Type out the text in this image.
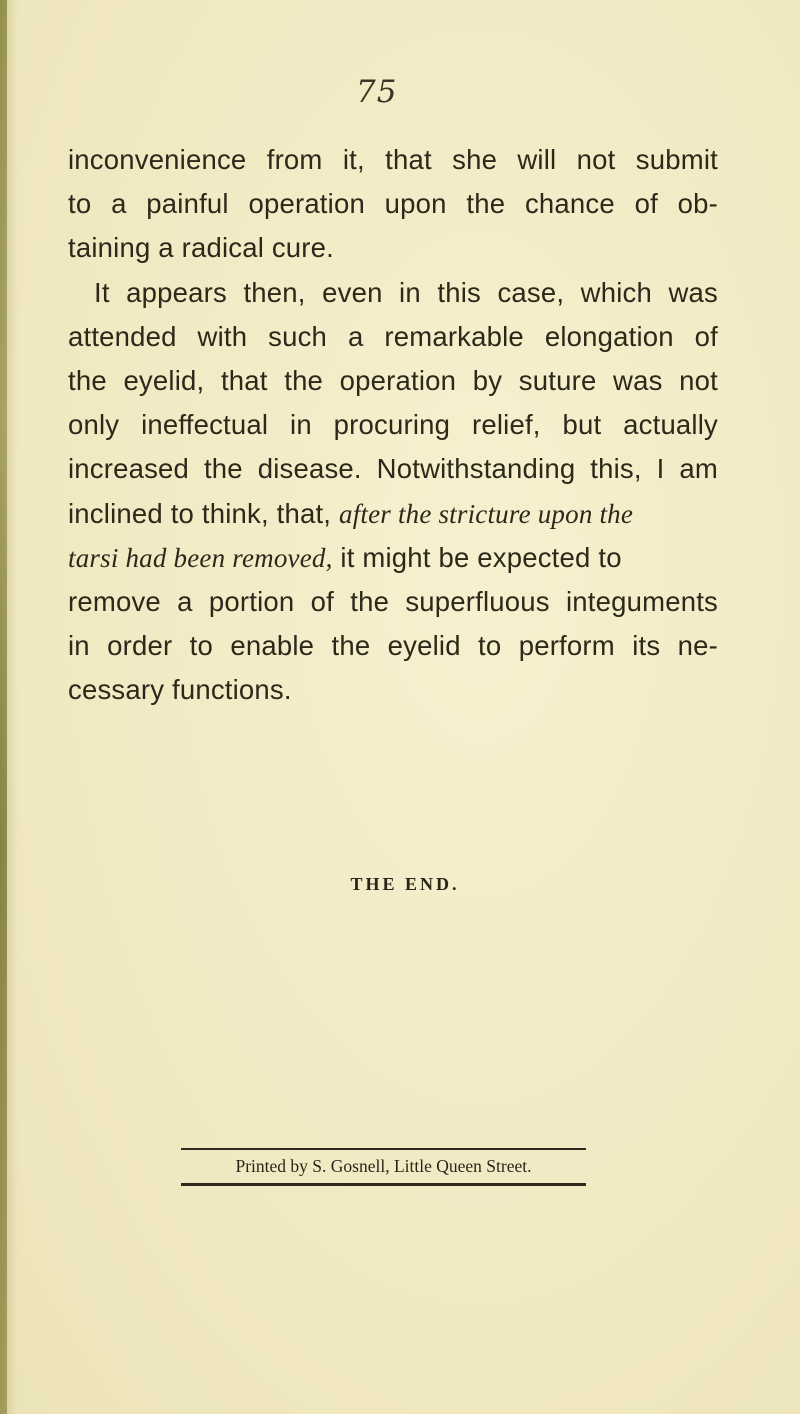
75
inconvenience from it, that she will not submit
to a painful operation upon the chance of ob-
taining a radical cure.
It appears then, even in this case, which was
attended with such a remarkable elongation of
the eyelid, that the operation by suture was not
only ineffectual in procuring relief, but actually
increased the disease. Notwithstanding this, I am
inclined to think, that, after the stricture upon the
tarsi had been removed, it might be expected to
remove a portion of the superfluous integuments
in order to enable the eyelid to perform its ne-
cessary functions.
THE END.
Printed by S. Gosnell, Little Queen Street.
